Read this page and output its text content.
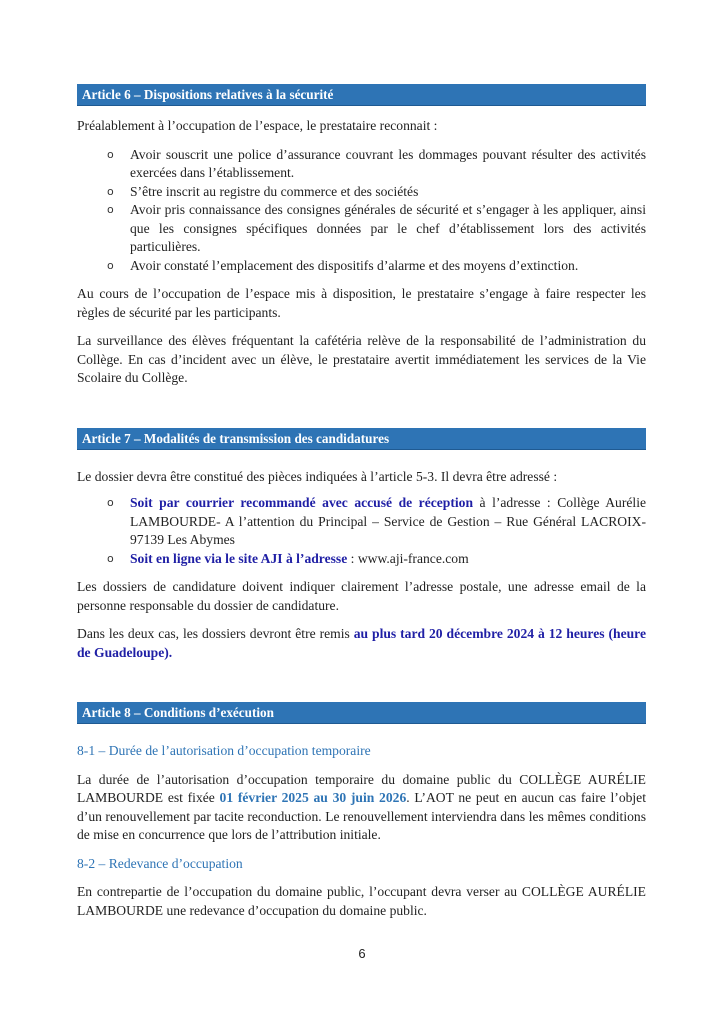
Article 6 – Dispositions relatives à la sécurité

Préalablement à l’occupation de l’espace, le prestataire reconnait :

o Avoir souscrit une police d’assurance couvrant les dommages pouvant résulter des activités exercées dans l’établissement.
o S’être inscrit au registre du commerce et des sociétés
o Avoir pris connaissance des consignes générales de sécurité et s’engager à les appliquer, ainsi que les consignes spécifiques données par le chef d’établissement lors des activités particulières.
o Avoir constaté l’emplacement des dispositifs d’alarme et des moyens d’extinction.

Au cours de l’occupation de l’espace mis à disposition, le prestataire s’engage à faire respecter les règles de sécurité par les participants.

La surveillance des élèves fréquentant la cafétéria relève de la responsabilité de l’administration du Collège. En cas d’incident avec un élève, le prestataire avertit immédiatement les services de la Vie Scolaire du Collège.

Article 7 – Modalités de transmission des candidatures

Le dossier devra être constitué des pièces indiquées à l’article 5-3. Il devra être adressé :

o Soit par courrier recommandé avec accusé de réception à l’adresse : Collège Aurélie LAMBOURDE- A l’attention du Principal – Service de Gestion – Rue Général LACROIX- 97139 Les Abymes
o Soit en ligne via le site AJI à l’adresse : www.aji-france.com

Les dossiers de candidature doivent indiquer clairement l’adresse postale, une adresse email de la personne responsable du dossier de candidature.

Dans les deux cas, les dossiers devront être remis au plus tard 20 décembre 2024 à 12 heures (heure de Guadeloupe).

Article 8 – Conditions d’exécution
8-1 – Durée de l’autorisation d’occupation temporaire

La durée de l’autorisation d’occupation temporaire du domaine public du COLLÈGE AURÉLIE LAMBOURDE est fixée 01 février 2025 au 30 juin 2026. L’AOT ne peut en aucun cas faire l’objet d’un renouvellement par tacite reconduction. Le renouvellement interviendra dans les mêmes conditions de mise en concurrence que lors de l’attribution initiale.

8-2 – Redevance d’occupation

En contrepartie de l’occupation du domaine public, l’occupant devra verser au COLLÈGE AURÉLIE LAMBOURDE une redevance d’occupation du domaine public.

6
